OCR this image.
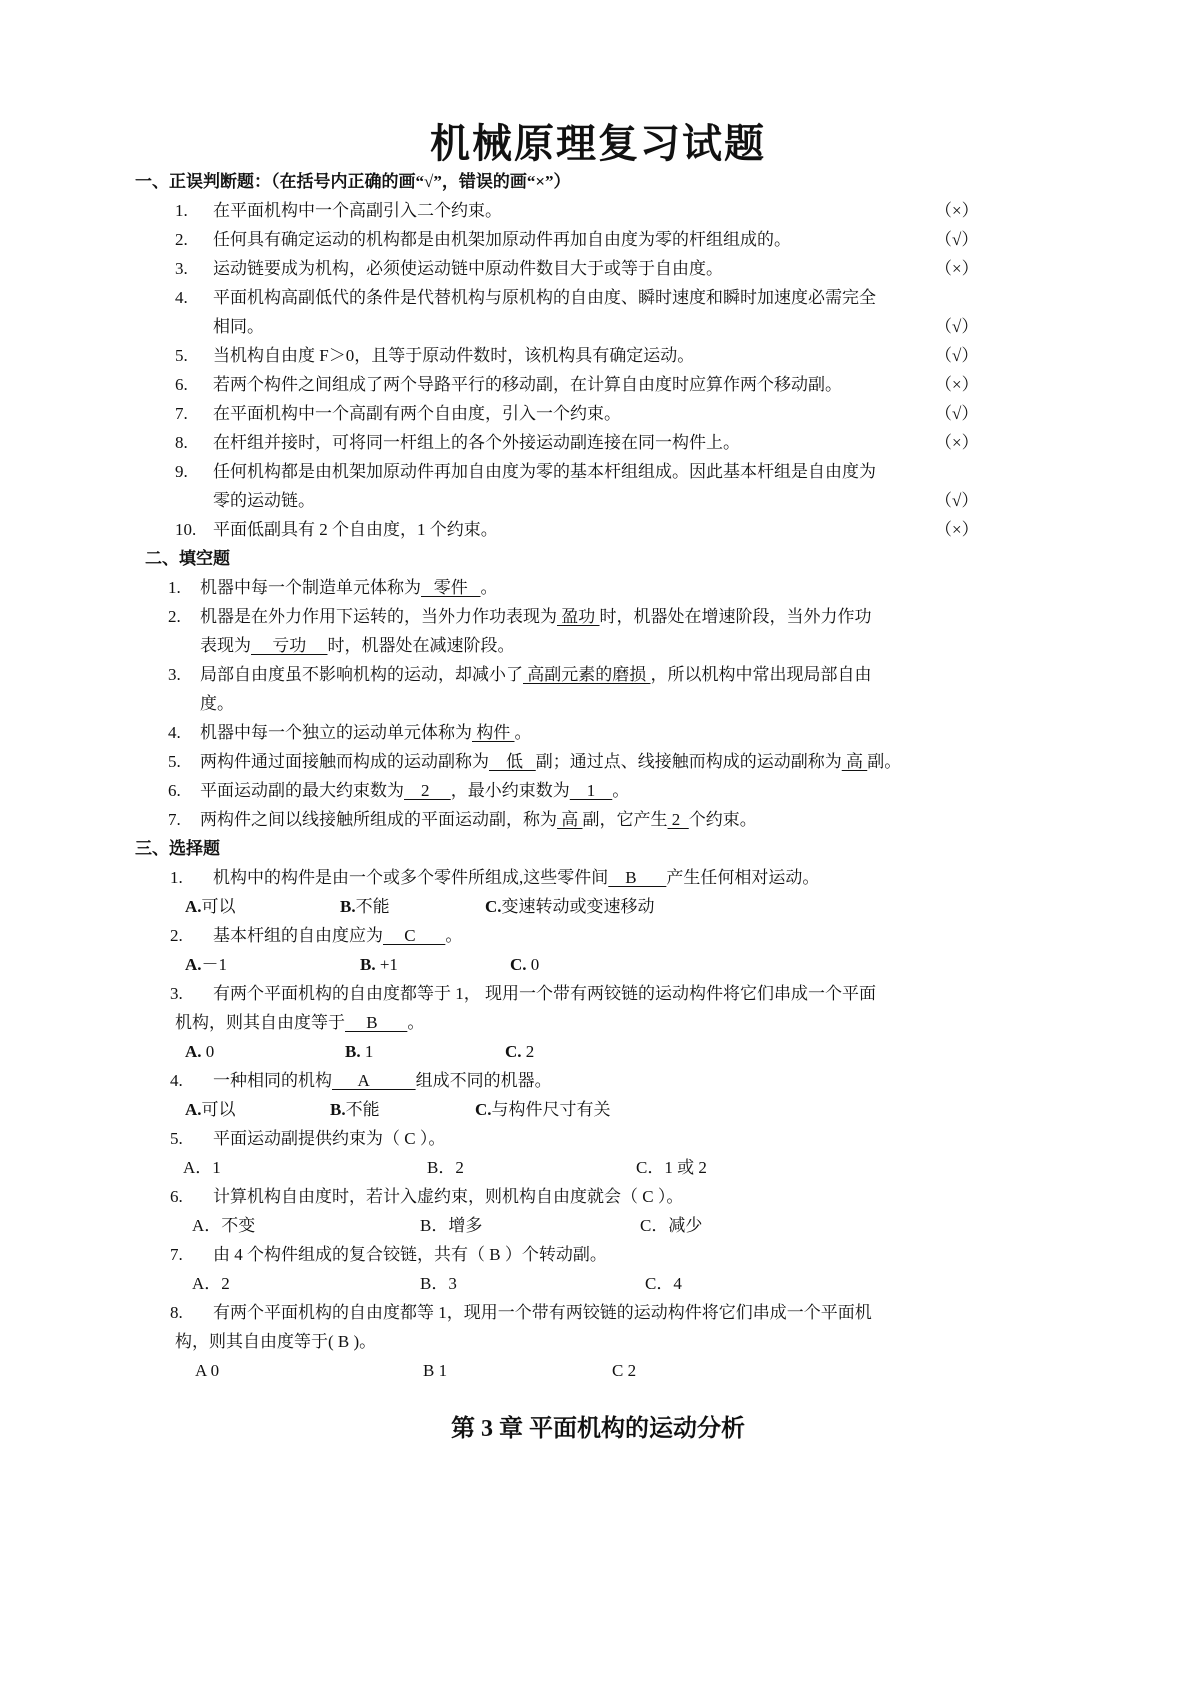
机械原理复习试题
一、正误判断题：（在括号内正确的画“√”，错误的画“×”）
1. 在平面机构中一个高副引入二个约束。	（×）
2. 任何具有确定运动的机构都是由机架加原动件再加自由度为零的杆组组成的。	（√）
3. 运动链要成为机构，必须使运动链中原动件数目大于或等于自由度。	（×）
4. 平面机构高副低代的条件是代替机构与原机构的自由度、瞬时速度和瞬时加速度必需完全
相同。	（√）
5. 当机构自由度 F＞0，且等于原动件数时，该机构具有确定运动。	（√）
6. 若两个构件之间组成了两个导路平行的移动副，在计算自由度时应算作两个移动副。	（×）
7. 在平面机构中一个高副有两个自由度，引入一个约束。	（√）
8. 在杆组并接时，可将同一杆组上的各个外接运动副连接在同一构件上。	（×）
9. 任何机构都是由机架加原动件再加自由度为零的基本杆组组成。因此基本杆组是自由度为
零的运动链。	（√）
10. 平面低副具有 2 个自由度，1 个约束。	（×）
二、填空题
1. 机器中每一个制造单元体称为   零件   。
2. 机器是在外力作用下运转的，当外力作功表现为 盈功 时，机器处在增速阶段，当外力作功
表现为     亏功     时，机器处在减速阶段。
3. 局部自由度虽不影响机构的运动，却减小了 高副元素的磨损 ，所以机构中常出现局部自由
度。
4. 机器中每一个独立的运动单元体称为 构件 。
5. 两构件通过面接触而构成的运动副称为    低   副；通过点、线接触而构成的运动副称为 高 副。
6. 平面运动副的最大约束数为    2     ，最小约束数为    1    。
7. 两构件之间以线接触所组成的平面运动副，称为 高 副，它产生 2  个约束。
三、选择题
1. 机构中的构件是由一个或多个零件所组成,这些零件间    B       产生任何相对运动。
A.可以	B.不能	C.变速转动或变速移动
2. 基本杆组的自由度应为     C       。
A.－1	B. +1	C. 0
3. 有两个平面机构的自由度都等于 1， 现用一个带有两铰链的运动构件将它们串成一个平面
机构，则其自由度等于     B       。
A. 0	B. 1	C. 2
4. 一种相同的机构      A           组成不同的机器。
A.可以	B.不能	C.与构件尺寸有关
5. 平面运动副提供约束为（ C ）。
A．1	B．2	C．1 或 2
6. 计算机构自由度时，若计入虚约束，则机构自由度就会（ C ）。
A．不变	B．增多	C．减少
7. 由 4 个构件组成的复合铰链，共有（ B ）个转动副。
A．2	B．3	C．4
8. 有两个平面机构的自由度都等 1，现用一个带有两铰链的运动构件将它们串成一个平面机
构，则其自由度等于( B )。
A 0	B 1	C 2
第 3 章 平面机构的运动分析
